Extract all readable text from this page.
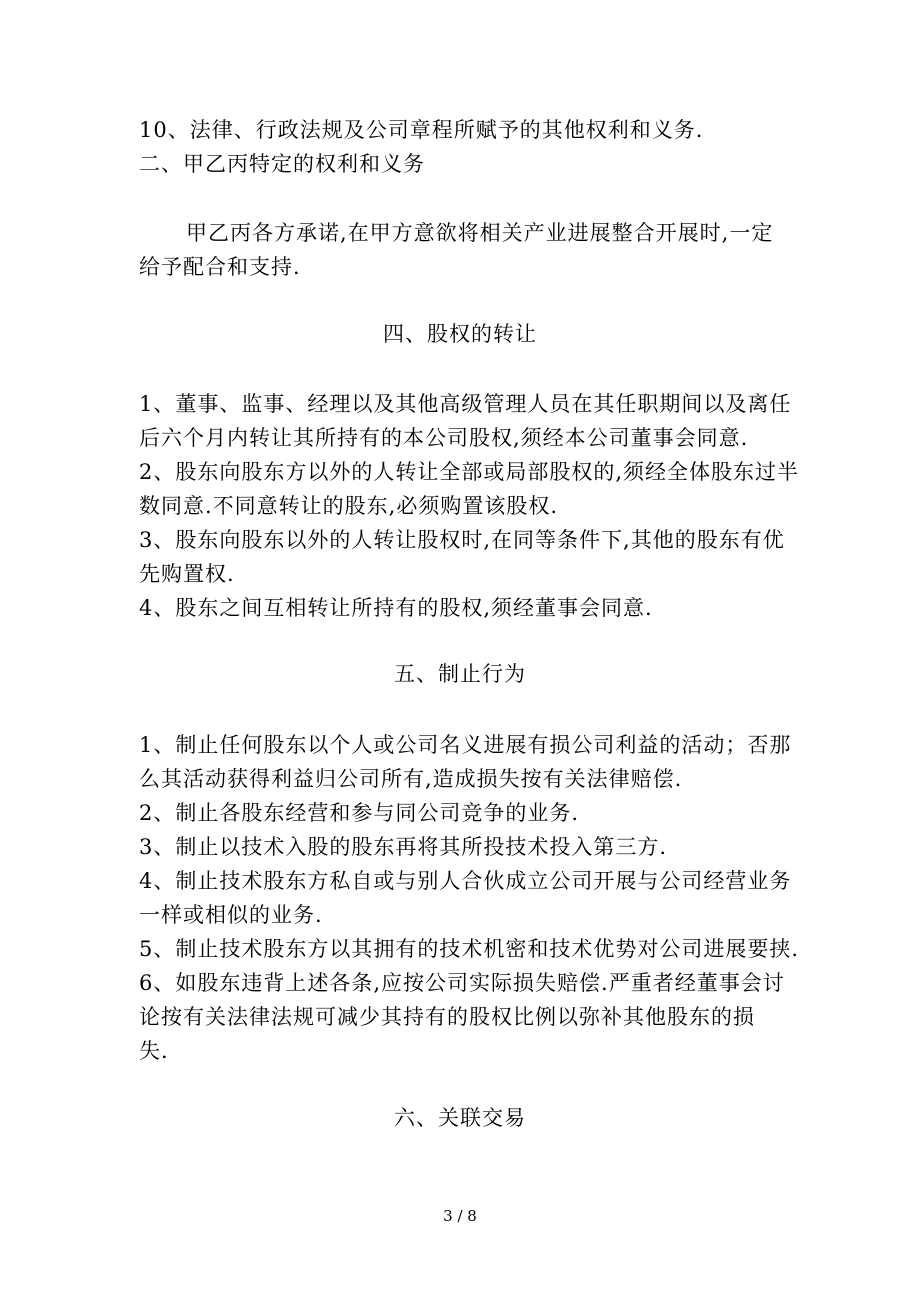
10、法律、行政法规及公司章程所赋予的其他权利和义务.
二、甲乙丙特定的权利和义务
甲乙丙各方承诺,在甲方意欲将相关产业进展整合开展时,一定
给予配合和支持.
四、股权的转让
1、董事、监事、经理以及其他高级管理人员在其任职期间以及离任
后六个月内转让其所持有的本公司股权,须经本公司董事会同意.
2、股东向股东方以外的人转让全部或局部股权的,须经全体股东过半
数同意.不同意转让的股东,必须购置该股权.
3、股东向股东以外的人转让股权时,在同等条件下,其他的股东有优
先购置权.
4、股东之间互相转让所持有的股权,须经董事会同意.
五、制止行为
1、制止任何股东以个人或公司名义进展有损公司利益的活动；否那
么其活动获得利益归公司所有,造成损失按有关法律赔偿.
2、制止各股东经营和参与同公司竞争的业务.
3、制止以技术入股的股东再将其所投技术投入第三方.
4、制止技术股东方私自或与别人合伙成立公司开展与公司经营业务
一样或相似的业务.
5、制止技术股东方以其拥有的技术机密和技术优势对公司进展要挟.
6、如股东违背上述各条,应按公司实际损失赔偿.严重者经董事会讨
论按有关法律法规可减少其持有的股权比例以弥补其他股东的损
失.
六、关联交易
3 / 8
